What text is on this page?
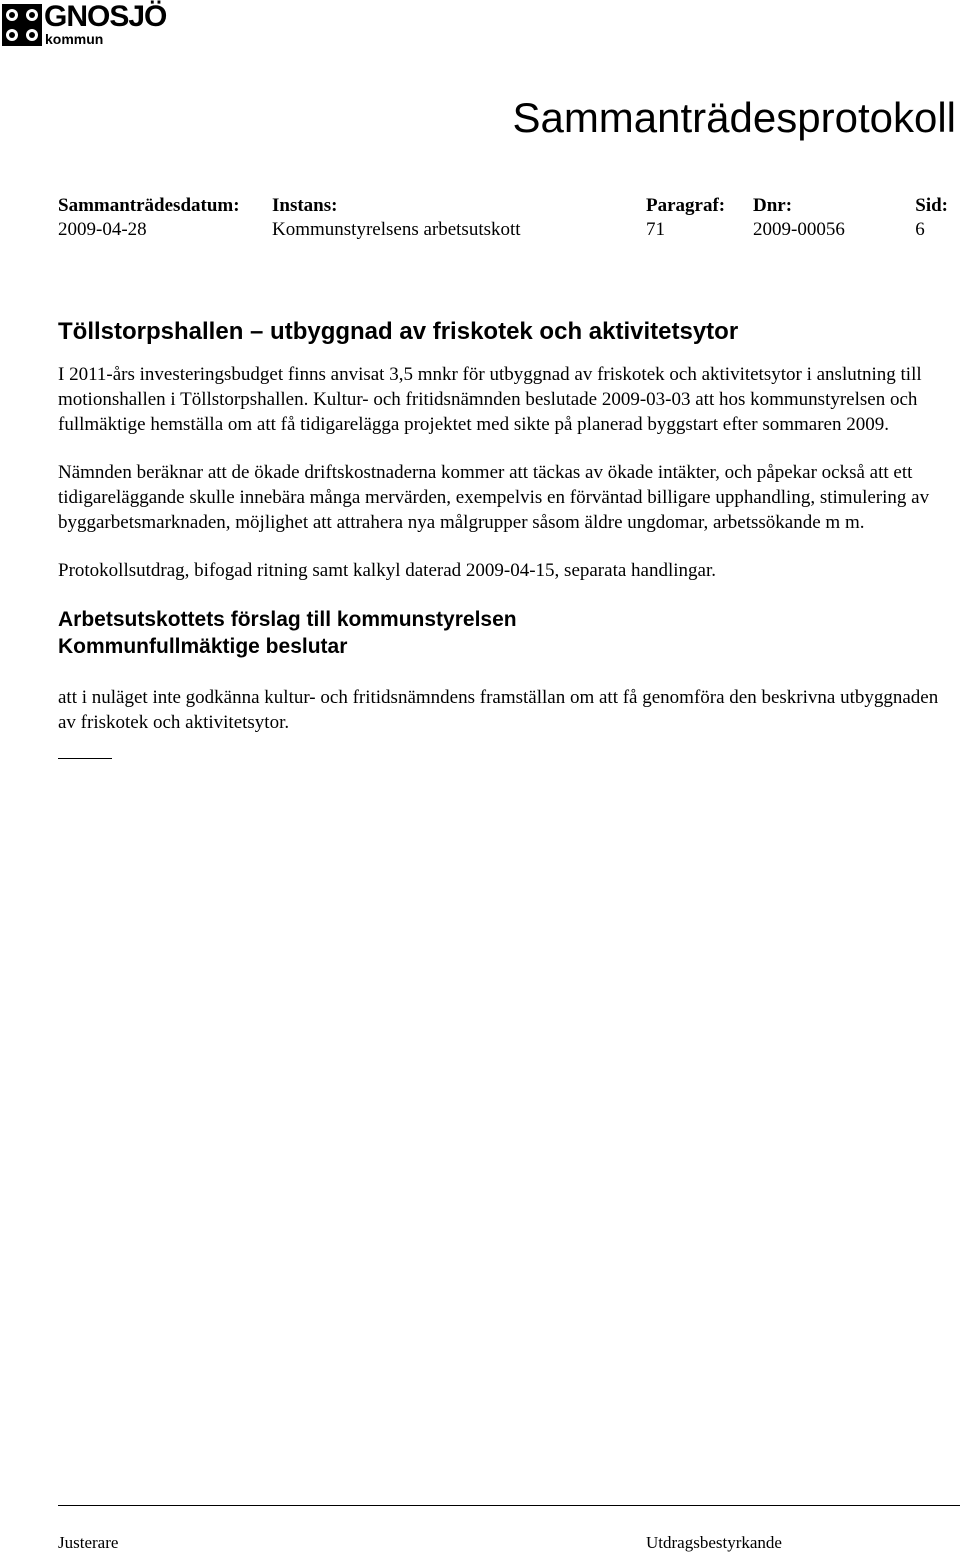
GNOSJÖ
kommun
Sammanträdesprotokoll
Sammanträdesdatum:
2009-04-28
Instans:
Kommunstyrelsens arbetsutskott
Paragraf:
71
Dnr:
2009-00056
Sid:
6
Töllstorpshallen – utbyggnad av friskotek och aktivitetsytor

I 2011-års investeringsbudget finns anvisat 3,5 mnkr för utbyggnad av friskotek och aktivitetsytor i anslutning till motionshallen i Töllstorpshallen. Kultur- och fritidsnämnden beslutade 2009-03-03 att hos kommunstyrelsen och fullmäktige hemställa om att få tidigarelägga projektet med sikte på planerad byggstart efter sommaren 2009.

Nämnden beräknar att de ökade driftskostnaderna kommer att täckas av ökade intäkter, och påpekar också att ett tidigareläggande skulle innebära många mervärden, exempelvis en förväntad billigare upphandling, stimulering av byggarbetsmarknaden, möjlighet att attrahera nya målgrupper såsom äldre ungdomar, arbetssökande m m.

Protokollsutdrag, bifogad ritning samt kalkyl daterad 2009-04-15, separata handlingar.

Arbetsutskottets förslag till kommunstyrelsen
Kommunfullmäktige beslutar

att i nuläget inte godkänna kultur- och fritidsnämndens framställan om att få genomföra den beskrivna utbyggnaden av friskotek och aktivitetsytor.

Justerare	Utdragsbestyrkande
